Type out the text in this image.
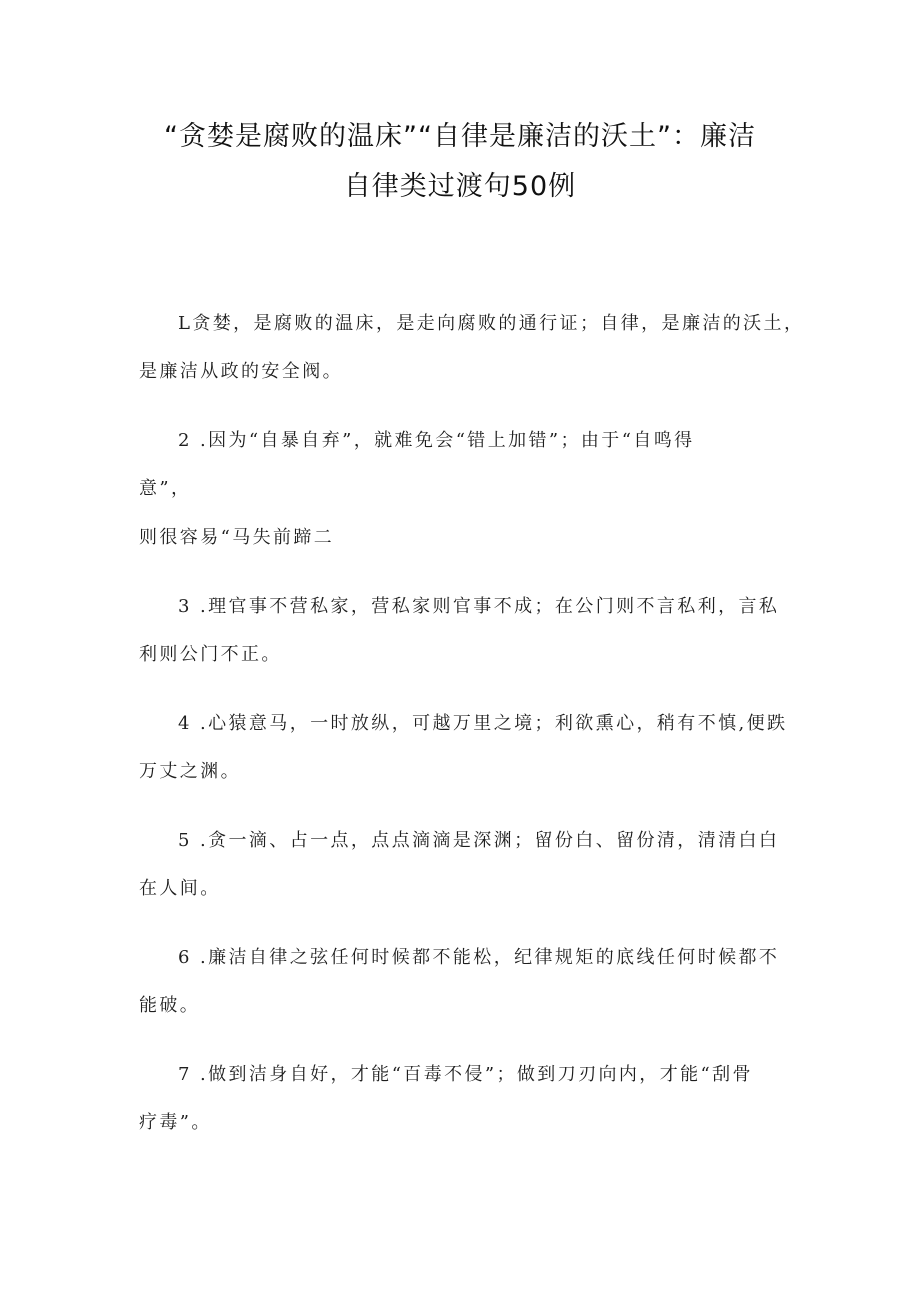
“贪婪是腐败的温床”“自律是廉洁的沃土”：廉洁
自律类过渡句50例
L贪婪，是腐败的温床，是走向腐败的通行证；自律，是廉洁的沃土，
是廉洁从政的安全阀。
2 .因为“自暴自弃”，就难免会“错上加错”；由于“自鸣得
意”，
则很容易“马失前蹄二
3 .理官事不营私家，营私家则官事不成；在公门则不言私利，言私
利则公门不正。
4 .心猿意马，一时放纵，可越万里之境；利欲熏心，稍有不慎,便跌
万丈之渊。
5 .贪一滴、占一点，点点滴滴是深渊；留份白、留份清，清清白白
在人间。
6 .廉洁自律之弦任何时候都不能松，纪律规矩的底线任何时候都不
能破。
7 .做到洁身自好，才能“百毒不侵”；做到刀刃向内，才能“刮骨
疗毒”。
